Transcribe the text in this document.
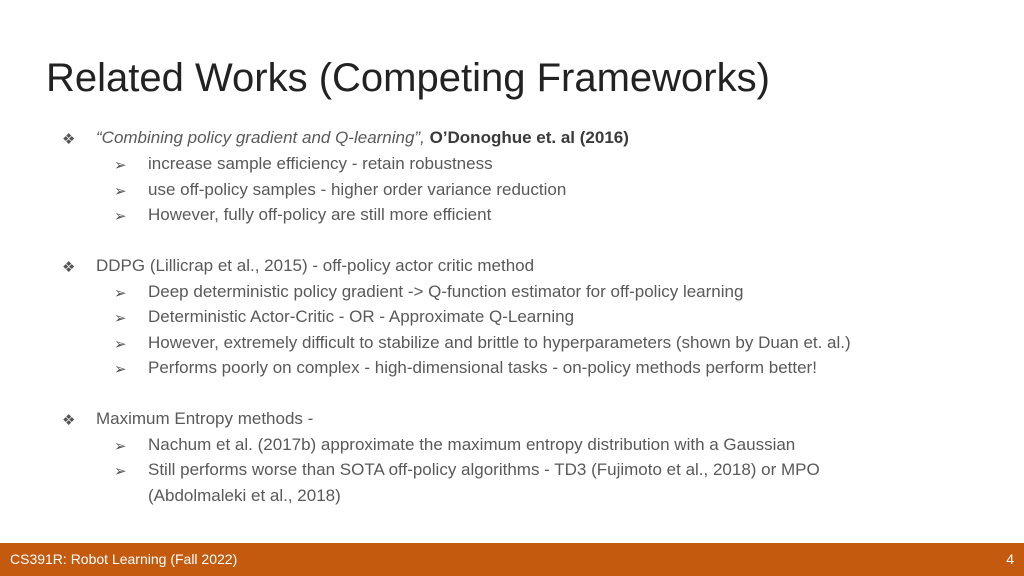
Related Works (Competing Frameworks)
❖ “Combining policy gradient and Q-learning”, O’Donoghue et. al (2016)
➢ increase sample efficiency - retain robustness
➢ use off-policy samples - higher order variance reduction
➢ However, fully off-policy are still more efficient
❖ DDPG (Lillicrap et al., 2015) - off-policy actor critic method
➢ Deep deterministic policy gradient -> Q-function estimator for off-policy learning
➢ Deterministic Actor-Critic - OR - Approximate Q-Learning
➢ However, extremely difficult to stabilize and brittle to hyperparameters (shown by Duan et. al.)
➢ Performs poorly on complex - high-dimensional tasks - on-policy methods perform better!
❖ Maximum Entropy methods -
➢ Nachum et al. (2017b) approximate the maximum entropy distribution with a Gaussian
➢ Still performs worse than SOTA off-policy algorithms - TD3 (Fujimoto et al., 2018) or MPO
(Abdolmaleki et al., 2018)
CS391R: Robot Learning (Fall 2022)	4
